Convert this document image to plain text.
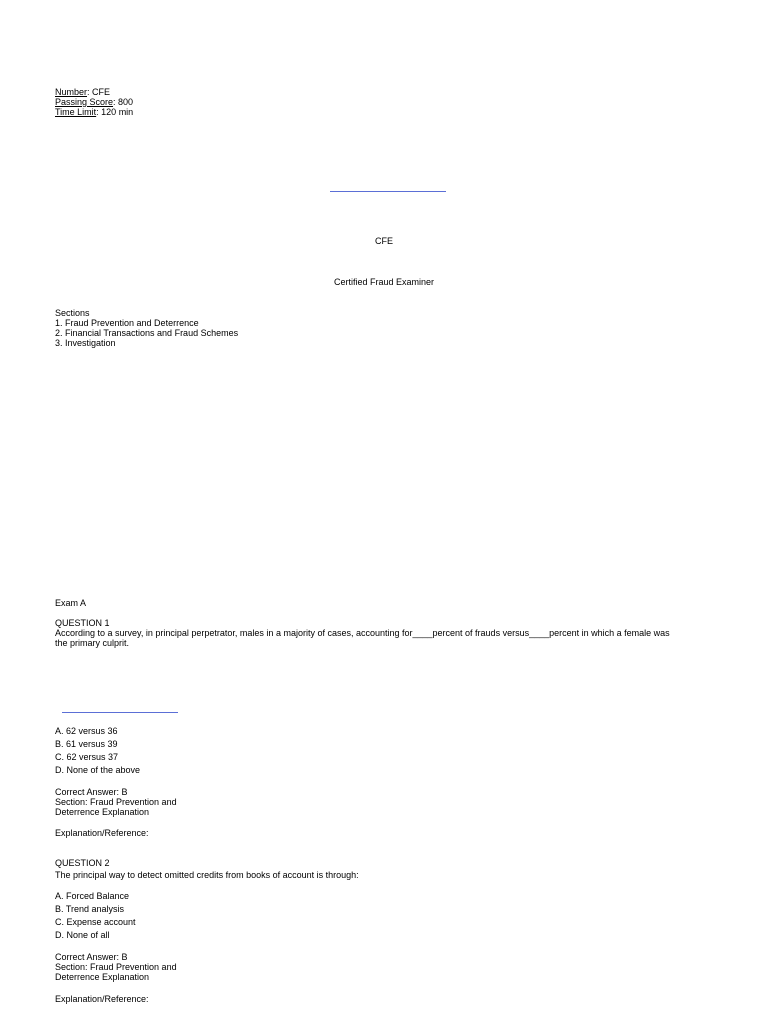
Number: CFE
Passing Score: 800
Time Limit: 120 min
CFE
Certified Fraud Examiner
Sections
1. Fraud Prevention and Deterrence
2. Financial Transactions and Fraud Schemes
3. Investigation
Exam A
QUESTION 1
According to a survey, in principal perpetrator, males in a majority of cases, accounting for____percent of frauds versus____percent in which a female was
the primary culprit.
A. 62 versus 36
B. 61 versus 39
C. 62 versus 37
D. None of the above
Correct Answer: B
Section: Fraud Prevention and
Deterrence Explanation
Explanation/Reference:
QUESTION 2
The principal way to detect omitted credits from books of account is through:
A. Forced Balance
B. Trend analysis
C. Expense account
D. None of all
Correct Answer: B
Section: Fraud Prevention and
Deterrence Explanation
Explanation/Reference:
